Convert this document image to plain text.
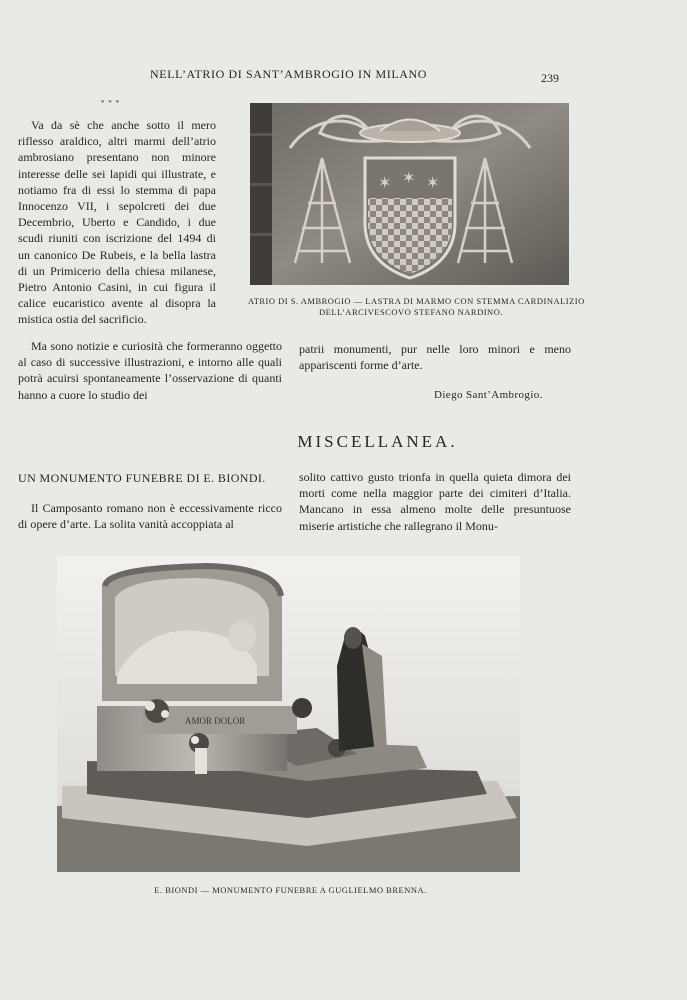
NELL’ATRIO DI SANT’AMBROGIO IN MILANO	239
* * *

Va da sè che anche sotto il mero riflesso araldico, altri marmi dell’atrio ambrosiano presentano non minore interesse delle sei lapidi qui illustrate, e notiamo fra di essi lo stemma di papa Innocenzo VII, i sepolcreti dei due Decembrio, Uberto e Candido, i due scudi riuniti con iscrizione del 1494 di un canonico De Rubeis, e la bella lastra di un Primicerio della chiesa milanese, Pietro Antonio Casini, in cui figura il calice eucaristico avente al disopra la mistica ostia del sacrificio.

✶ ✶ ✶
ATRIO DI S. AMBROGIO — LASTRA DI MARMO CON STEMMA CARDINALIZIO
DELL’ARCIVESCOVO STEFANO NARDINO.

Ma sono notizie e curiosità che formeranno oggetto al caso di successive illustrazioni, e intorno alle quali potrà acuirsi spontaneamente l’osservazione di quanti hanno a cuore lo studio dei

patrii monumenti, pur nelle loro minori e meno appariscenti forme d’arte.

Diego Sant’Ambrogio.
MISCELLANEA.
UN MONUMENTO FUNEBRE DI E. BIONDI.

Il Camposanto romano non è eccessivamente ricco di opere d’arte. La solita vanità accoppiata al

solito cattivo gusto trionfa in quella quieta dimora dei morti come nella maggior parte dei cimiteri d’Italia. Mancano in essa almeno molte delle presuntuose miserie artistiche che rallegrano il Monu-

AMOR DOLOR
E. BIONDI — MONUMENTO FUNEBRE A GUGLIELMO BRENNA.
